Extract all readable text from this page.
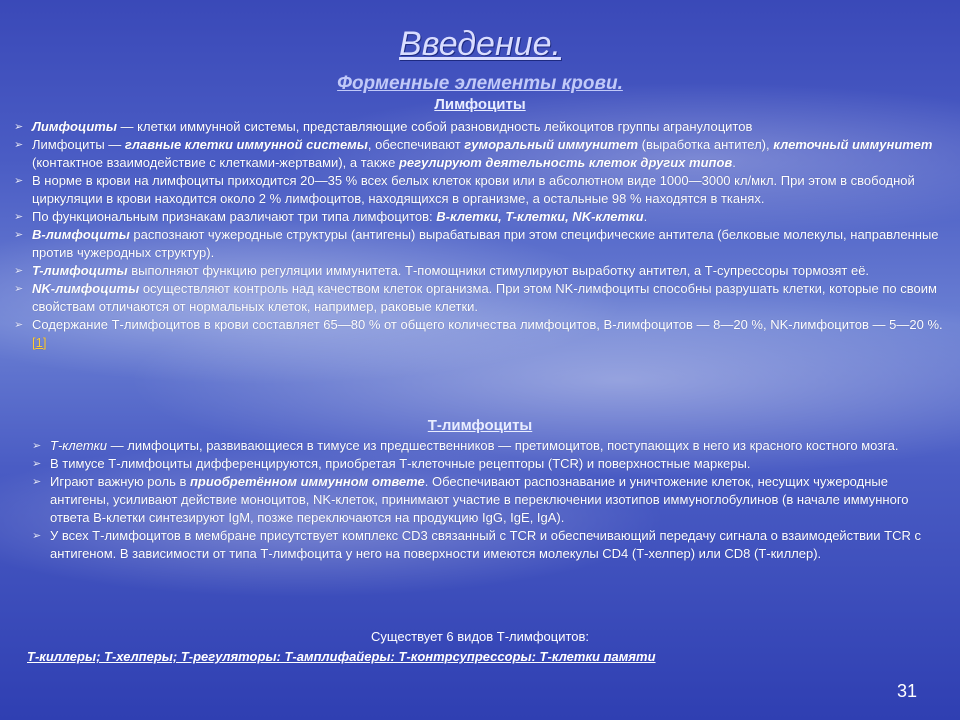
Введение.
Форменные элементы крови.
Лимфоциты
➢ Лимфоциты — клетки иммунной системы, представляющие собой разновидность лейкоцитов группы агранулоцитов
➢ Лимфоциты — главные клетки иммунной системы, обеспечивают гуморальный иммунитет (выработка антител), клеточный иммунитет (контактное взаимодействие с клетками-жертвами), а также регулируют деятельность клеток других типов.
➢ В норме в крови на лимфоциты приходится 20—35 % всех белых клеток крови или в абсолютном виде 1000—3000 кл/мкл. При этом в свободной циркуляции в крови находится около 2 % лимфоцитов, находящихся в организме, а остальные 98 % находятся в тканях.
➢ По функциональным признакам различают три типа лимфоцитов: B-клетки, T-клетки, NK-клетки.
➢ B-лимфоциты распознают чужеродные структуры (антигены) вырабатывая при этом специфические антитела (белковые молекулы, направленные против чужеродных структур).
➢ T-лимфоциты выполняют функцию регуляции иммунитета. Т-помощники стимулируют выработку антител, а Т-супрессоры тормозят её.
➢ NK-лимфоциты осуществляют контроль над качеством клеток организма. При этом NK-лимфоциты способны разрушать клетки, которые по своим свойствам отличаются от нормальных клеток, например, раковые клетки.
➢ Содержание Т-лимфоцитов в крови составляет 65—80 % от общего количества лимфоцитов, В-лимфоцитов — 8—20 %, NK-лимфоцитов — 5—20 %.[1]
Т-лимфоциты
➢ Т-клетки — лимфоциты, развивающиеся в тимусе из предшественников — претимоцитов, поступающих в него из красного костного мозга.
➢ В тимусе Т-лимфоциты дифференцируются, приобретая Т-клеточные рецепторы (TCR) и поверхностные маркеры.
➢ Играют важную роль в приобретённом иммунном ответе. Обеспечивают распознавание и уничтожение клеток, несущих чужеродные антигены, усиливают действие моноцитов, NK-клеток, принимают участие в переключении изотипов иммуноглобулинов (в начале иммунного ответа В-клетки синтезируют IgM, позже переключаются на продукцию IgG, IgE, IgA).
➢ У всех Т-лимфоцитов в мембране присутствует комплекс CD3 связанный с TCR и обеспечивающий передачу сигнала о взаимодействии TCR с антигеном. В зависимости от типа Т-лимфоцита у него на поверхности имеются молекулы CD4 (Т-хелпер) или CD8 (Т-киллер).
Существует 6 видов Т-лимфоцитов:
Т-киллеры; Т-хелперы; Т-регуляторы: Т-амплифайеры: Т-контрсупрессоры: Т-клетки памяти
31
